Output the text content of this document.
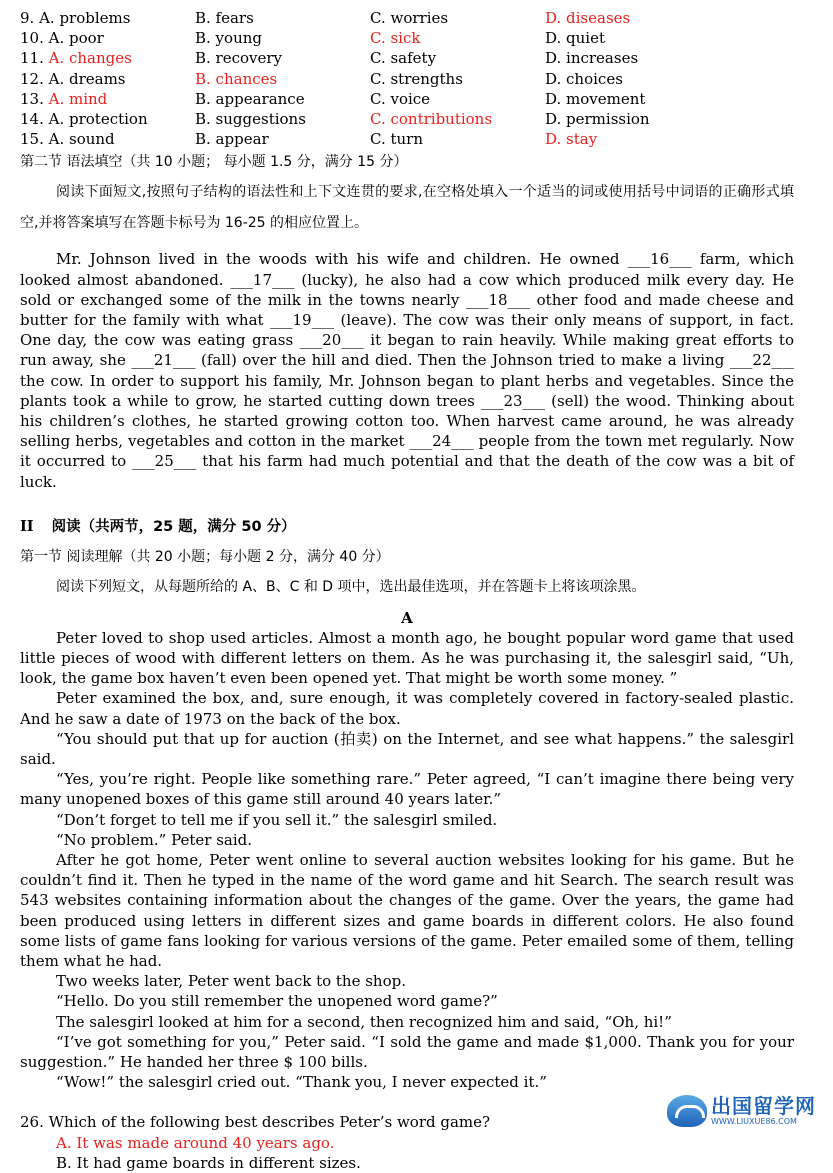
9. A. problems	B. fears	C. worries	D. diseases
10. A. poor	B. young	C. sick	D. quiet
11. A. changes	B. recovery	C. safety	D. increases
12. A. dreams	B. chances	C. strengths	D. choices
13. A. mind	B. appearance	C. voice	D. movement
14. A. protection	B. suggestions	C. contributions	D. permission
15. A. sound	B. appear	C. turn	D. stay
第二节 语法填空（共 10 小题； 每小题 1.5 分，满分 15 分）
阅读下面短文,按照句子结构的语法性和上下文连贯的要求,在空格处填入一个适当的词或使用括号中词语的正确形式填空,并将答案填写在答题卡标号为 16-25 的相应位置上。
Mr. Johnson lived in the woods with his wife and children. He owned ___16___ farm, which looked almost abandoned. ___17___ (lucky), he also had a cow which produced milk every day. He sold or exchanged some of the milk in the towns nearly ___18___ other food and made cheese and butter for the family with what ___19___ (leave). The cow was their only means of support, in fact. One day, the cow was eating grass ___20___ it began to rain heavily. While making great efforts to run away, she ___21___ (fall) over the hill and died. Then the Johnson tried to make a living ___22___ the cow. In order to support his family, Mr. Johnson began to plant herbs and vegetables. Since the plants took a while to grow, he started cutting down trees ___23___ (sell) the wood. Thinking about his children’s clothes, he started growing cotton too. When harvest came around, he was already selling herbs, vegetables and cotton in the market ___24___ people from the town met regularly. Now it occurred to ___25___ that his farm had much potential and that the death of the cow was a bit of luck.
II 阅读（共两节，25 题，满分 50 分）
第一节 阅读理解（共 20 小题；每小题 2 分，满分 40 分）
阅读下列短文，从每题所给的 A、B、C 和 D 项中，选出最佳选项，并在答题卡上将该项涂黑。
A

Peter loved to shop used articles. Almost a month ago, he bought popular word game that used little pieces of wood with different letters on them. As he was purchasing it, the salesgirl said, “Uh, look, the game box haven’t even been opened yet. That might be worth some money. ”

Peter examined the box, and, sure enough, it was completely covered in factory-sealed plastic. And he saw a date of 1973 on the back of the box.

“You should put that up for auction (拍卖) on the Internet, and see what happens.” the salesgirl said.

“Yes, you’re right. People like something rare.” Peter agreed, “I can’t imagine there being very many unopened boxes of this game still around 40 years later.”

“Don’t forget to tell me if you sell it.” the salesgirl smiled.

“No problem.” Peter said.

After he got home, Peter went online to several auction websites looking for his game. But he couldn’t find it. Then he typed in the name of the word game and hit Search. The search result was 543 websites containing information about the changes of the game. Over the years, the game had been produced using letters in different sizes and game boards in different colors. He also found some lists of game fans looking for various versions of the game. Peter emailed some of them, telling them what he had.

Two weeks later, Peter went back to the shop.

“Hello. Do you still remember the unopened word game?”

The salesgirl looked at him for a second, then recognized him and said, “Oh, hi!”

“I’ve got something for you,” Peter said. “I sold the game and made $1,000. Thank you for your suggestion.” He handed her three $ 100 bills.

“Wow!” the salesgirl cried out. “Thank you, I never expected it.”

26. Which of the following best describes Peter’s word game?
A. It was made around 40 years ago.
B. It had game boards in different sizes.
出国留学网
WWW.LIUXUE86.COM
